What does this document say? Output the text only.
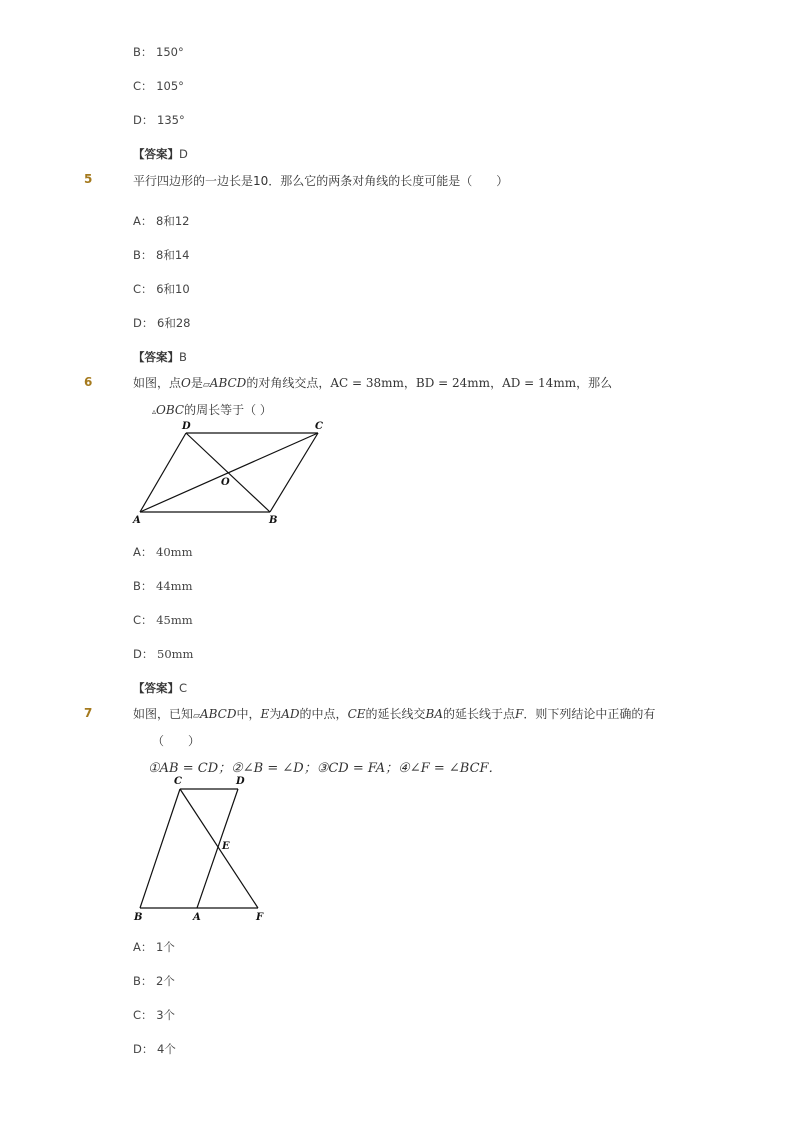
B： 150°
C： 105°
D： 135°
【答案】D
5	平行四边形的一边长是10．那么它的两条对角线的长度可能是（　　）
A： 8和12
B： 8和14
C： 6和10
D： 6和28
【答案】B
6	如图，点O是▱ABCD的对角线交点，AC = 38mm，BD = 24mm，AD = 14mm，那么
▵OBC的周长等于（ ）
A	B
C
D
O
A： 40mm
B： 44mm
C： 45mm
D： 50mm
【答案】C
7	如图，已知▱ABCD中，E为AD的中点，CE的延长线交BA的延长线于点F．则下列结论中正确的有
（　　）
①AB = CD；②∠B = ∠D；③CD = FA；④∠F = ∠BCF．
C	D
E
B	A	F
A： 1个
B： 2个
C： 3个
D： 4个
